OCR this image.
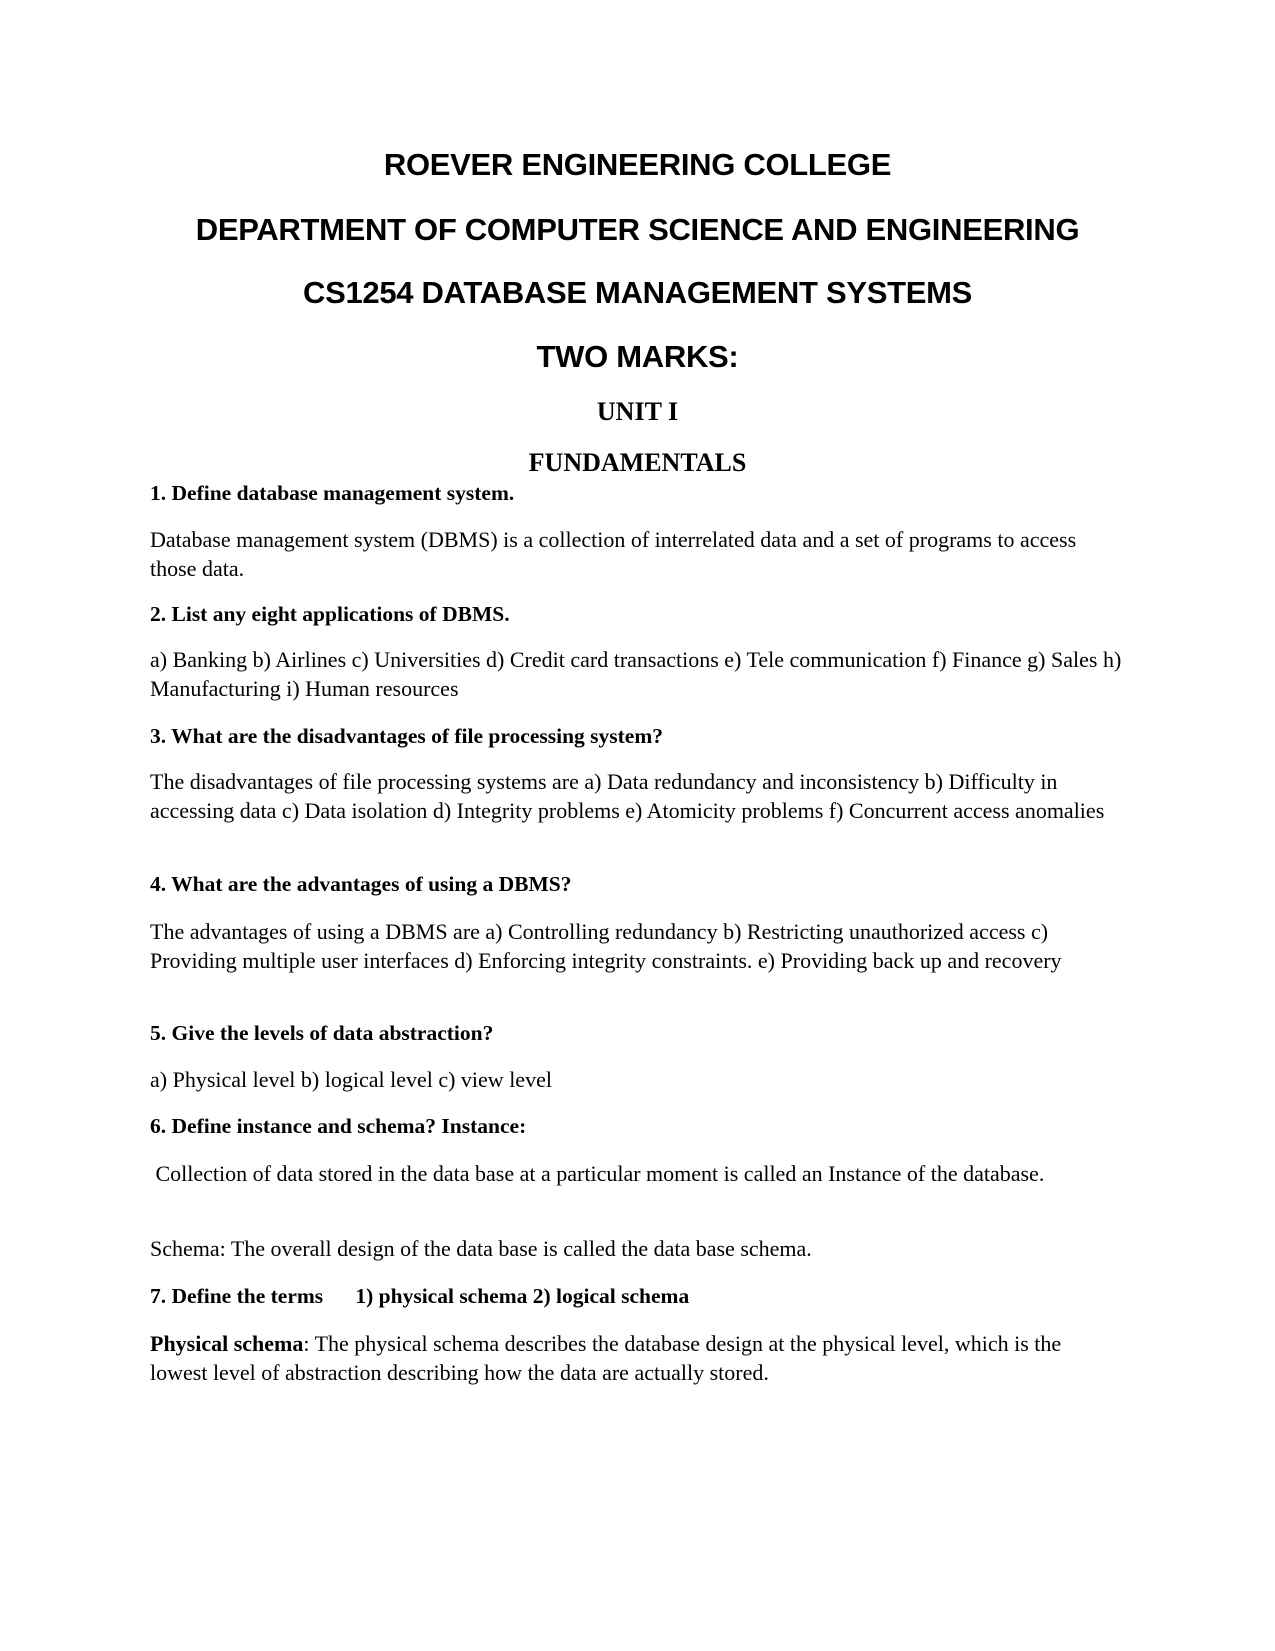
ROEVER ENGINEERING COLLEGE
DEPARTMENT OF COMPUTER SCIENCE AND ENGINEERING
CS1254 DATABASE MANAGEMENT SYSTEMS
TWO MARKS:
UNIT I
FUNDAMENTALS
1. Define database management system.
Database management system (DBMS) is a collection of interrelated data and a set of programs to access those data.
2. List any eight applications of DBMS.
a) Banking b) Airlines c) Universities d) Credit card transactions e) Tele communication f) Finance g) Sales h) Manufacturing i) Human resources
3. What are the disadvantages of file processing system?
The disadvantages of file processing systems are a) Data redundancy and inconsistency b) Difficulty in accessing data c) Data isolation d) Integrity problems e) Atomicity problems f) Concurrent access anomalies
4. What are the advantages of using a DBMS?
The advantages of using a DBMS are a) Controlling redundancy b) Restricting unauthorized access c) Providing multiple user interfaces d) Enforcing integrity constraints. e) Providing back up and recovery
5. Give the levels of data abstraction?
a) Physical level b) logical level c) view level
6. Define instance and schema? Instance:
Collection of data stored in the data base at a particular moment is called an Instance of the database.
Schema: The overall design of the data base is called the data base schema.
7. Define the terms      1) physical schema 2) logical schema
Physical schema: The physical schema describes the database design at the physical level, which is the lowest level of abstraction describing how the data are actually stored.
